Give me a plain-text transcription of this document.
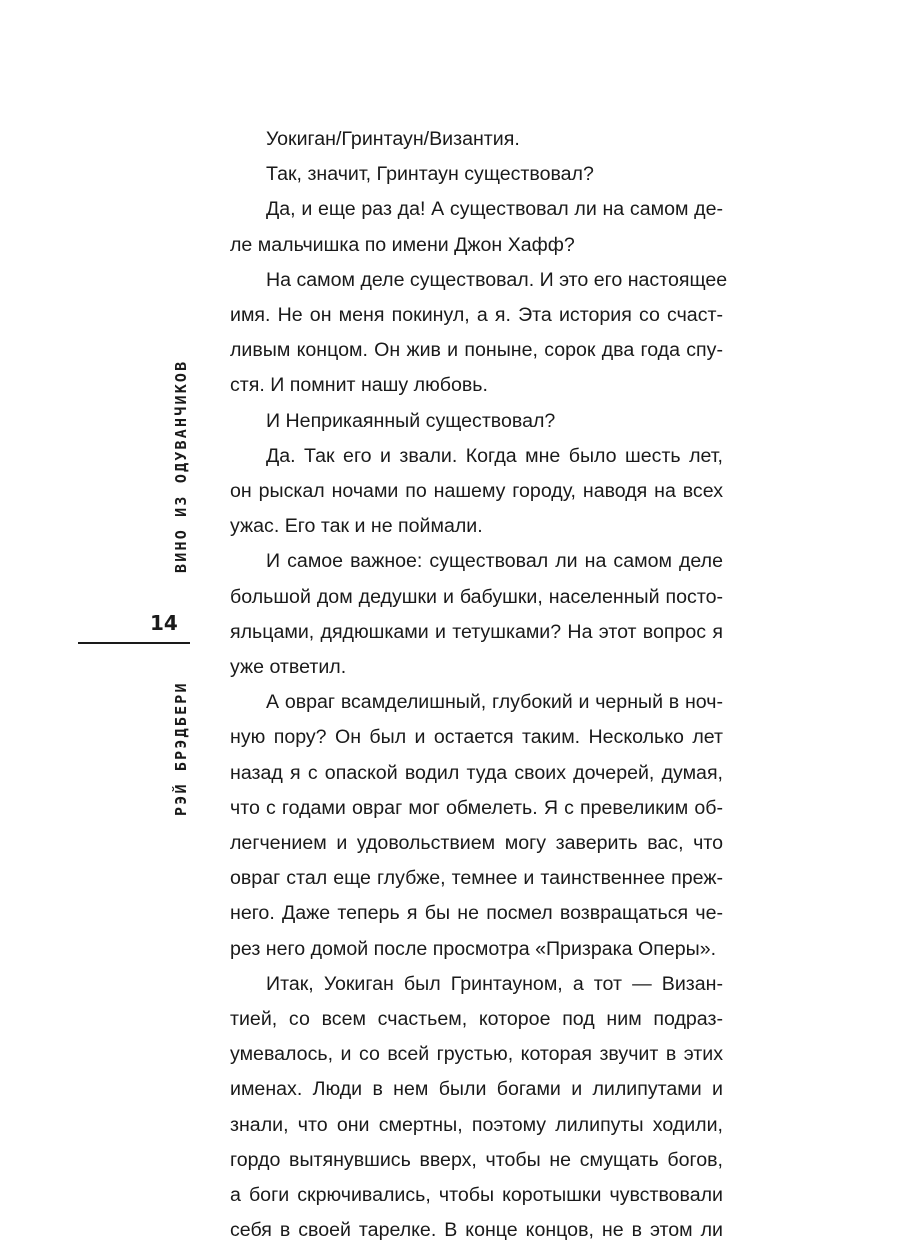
ВИНО ИЗ ОДУВАНЧИКОВ
14
РЭЙ БРЭДБЕРИ

Уокиган/Гринтаун/Византия.

Так, значит, Гринтаун существовал?

Да, и еще раз да! А существовал ли на самом де-
ле мальчишка по имени Джон Хафф?

На самом деле существовал. И это его настоящее
имя. Не он меня покинул, а я. Эта история со счаст-
ливым концом. Он жив и поныне, сорок два года спу-
стя. И помнит нашу любовь.

И Неприкаянный существовал?

Да. Так его и звали. Когда мне было шесть лет,
он рыскал ночами по нашему городу, наводя на всех
ужас. Его так и не поймали.

И самое важное: существовал ли на самом деле
большой дом дедушки и бабушки, населенный посто-
яльцами, дядюшками и тетушками? На этот вопрос я
уже ответил.

А овраг всамделишный, глубокий и черный в ноч-
ную пору? Он был и остается таким. Несколько лет
назад я с опаской водил туда своих дочерей, думая,
что с годами овраг мог обмелеть. Я с превеликим об-
легчением и удовольствием могу заверить вас, что
овраг стал еще глубже, темнее и таинственнее преж-
него. Даже теперь я бы не посмел возвращаться че-
рез него домой после просмотра «Призрака Оперы».

Итак, Уокиган был Гринтауном, а тот — Визан-
тией, со всем счастьем, которое под ним подраз-
умевалось, и со всей грустью, которая звучит в этих
именах. Люди в нем были богами и лилипутами и
знали, что они смертны, поэтому лилипуты ходили,
гордо вытянувшись вверх, чтобы не смущать богов,
а боги скрючивались, чтобы коротышки чувствовали
себя в своей тарелке. В конце концов, не в этом ли
